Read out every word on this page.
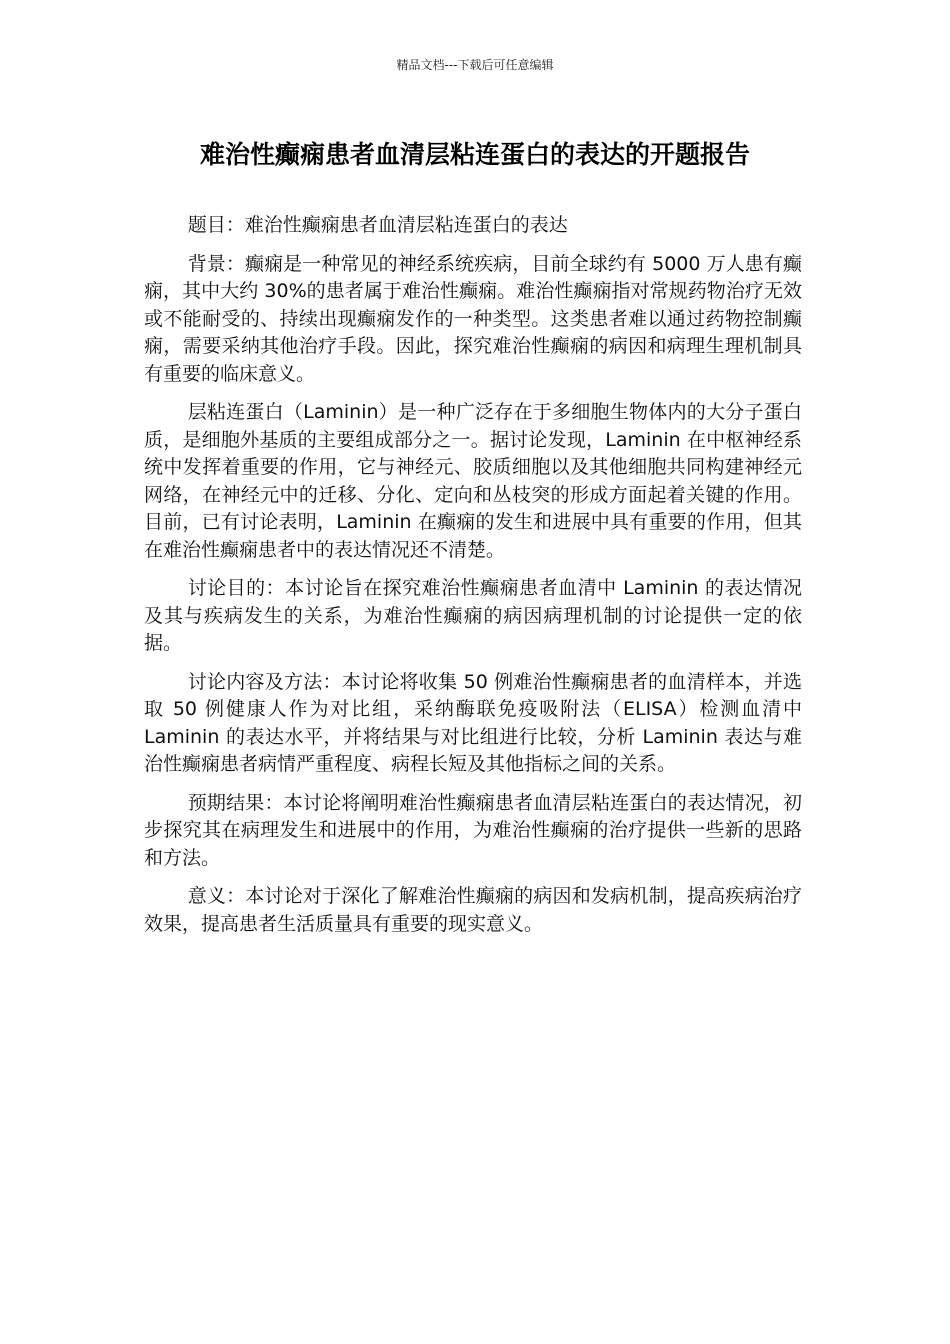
精品文档---下载后可任意编辑
难治性癫痫患者血清层粘连蛋白的表达的开题报告

题目：难治性癫痫患者血清层粘连蛋白的表达

背景：癫痫是一种常见的神经系统疾病，目前全球约有 5000 万人患有癫痫，其中大约 30%的患者属于难治性癫痫。难治性癫痫指对常规药物治疗无效或不能耐受的、持续出现癫痫发作的一种类型。这类患者难以通过药物控制癫痫，需要采纳其他治疗手段。因此，探究难治性癫痫的病因和病理生理机制具有重要的临床意义。

层粘连蛋白（Laminin）是一种广泛存在于多细胞生物体内的大分子蛋白质，是细胞外基质的主要组成部分之一。据讨论发现，Laminin 在中枢神经系统中发挥着重要的作用，它与神经元、胶质细胞以及其他细胞共同构建神经元网络，在神经元中的迁移、分化、定向和丛枝突的形成方面起着关键的作用。目前，已有讨论表明，Laminin 在癫痫的发生和进展中具有重要的作用，但其在难治性癫痫患者中的表达情况还不清楚。

讨论目的：本讨论旨在探究难治性癫痫患者血清中 Laminin 的表达情况及其与疾病发生的关系，为难治性癫痫的病因病理机制的讨论提供一定的依据。

讨论内容及方法：本讨论将收集 50 例难治性癫痫患者的血清样本，并选取 50 例健康人作为对比组，采纳酶联免疫吸附法（ELISA）检测血清中 Laminin 的表达水平，并将结果与对比组进行比较，分析 Laminin 表达与难治性癫痫患者病情严重程度、病程长短及其他指标之间的关系。

预期结果：本讨论将阐明难治性癫痫患者血清层粘连蛋白的表达情况，初步探究其在病理发生和进展中的作用，为难治性癫痫的治疗提供一些新的思路和方法。

意义：本讨论对于深化了解难治性癫痫的病因和发病机制，提高疾病治疗效果，提高患者生活质量具有重要的现实意义。
